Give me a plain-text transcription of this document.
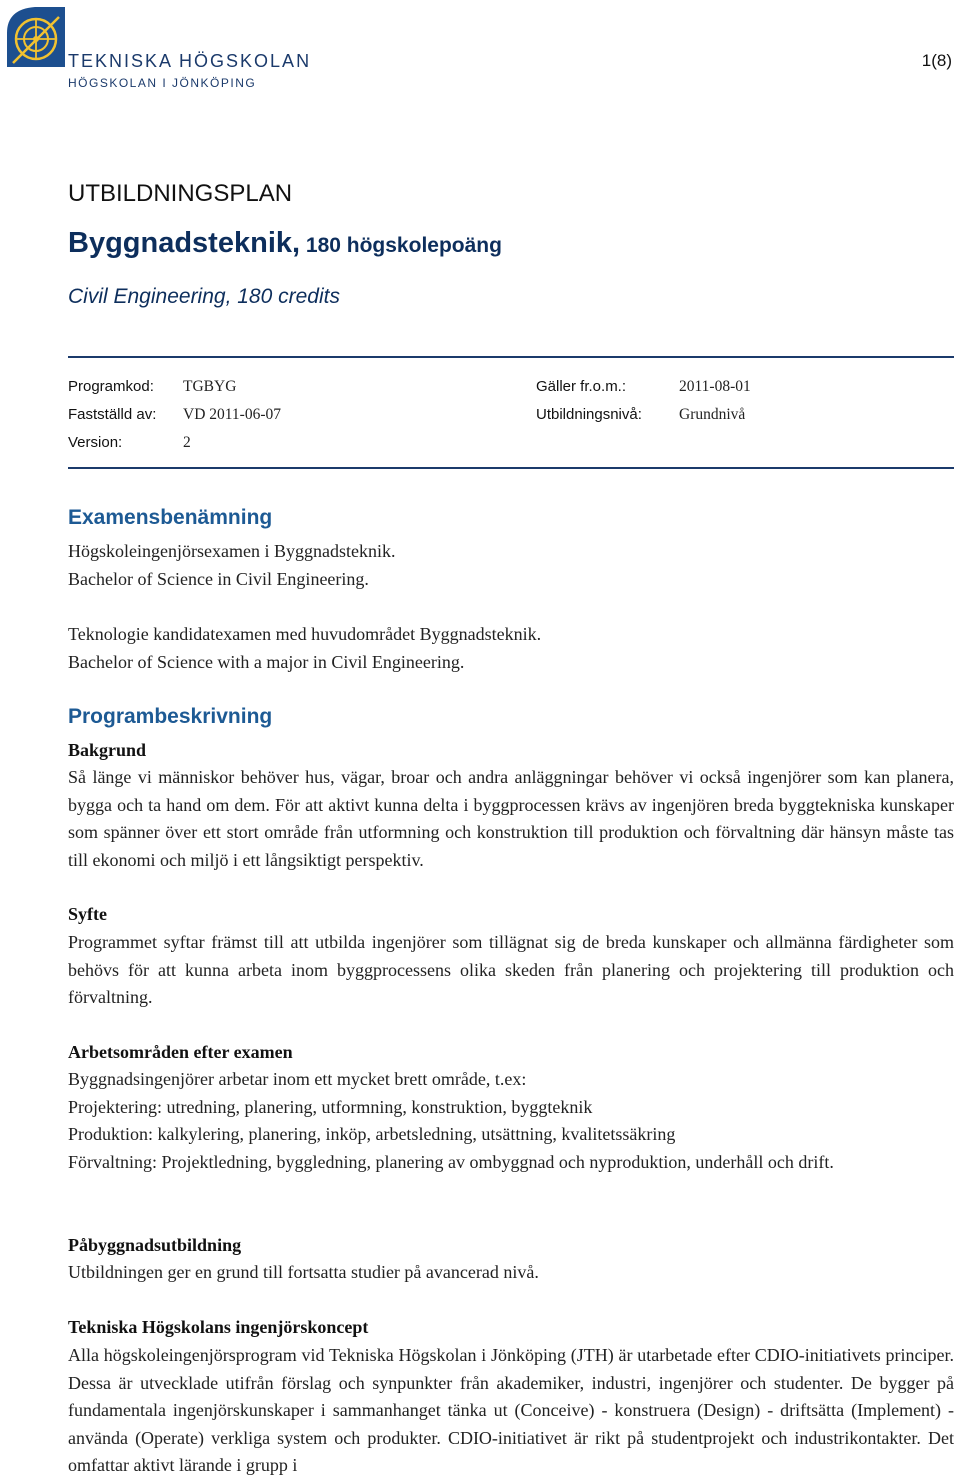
TEKNISKA HÖGSKOLAN
HÖGSKOLAN I JÖNKÖPING
1(8)
UTBILDNINGSPLAN
Byggnadsteknik, 180 högskolepoäng
Civil Engineering, 180 credits
Programkod: TGBYG
Fastställd av: VD 2011-06-07
Version:	2
Gäller fr.o.m.:	2011-08-01
Utbildningsnivå: Grundnivå
Examensbenämning
Högskoleingenjörsexamen i Byggnadsteknik.
Bachelor of Science in Civil Engineering.
Teknologie kandidatexamen med huvudområdet Byggnadsteknik.
Bachelor of Science with a major in Civil Engineering.
Programbeskrivning
Bakgrund
Så länge vi människor behöver hus, vägar, broar och andra anläggningar behöver vi också ingenjörer som kan planera, bygga och ta hand om dem. För att aktivt kunna delta i byggprocessen krävs av ingenjören breda byggtekniska kunskaper som spänner över ett stort område från utformning och konstruktion till produktion och förvaltning där hänsyn måste tas till ekonomi och miljö i ett långsiktigt perspektiv.
Syfte
Programmet syftar främst till att utbilda ingenjörer som tillägnat sig de breda kunskaper och allmänna färdigheter som behövs för att kunna arbeta inom byggprocessens olika skeden från planering och projektering till produktion och förvaltning.
Arbetsområden efter examen
Byggnadsingenjörer arbetar inom ett mycket brett område, t.ex:
Projektering: utredning, planering, utformning, konstruktion, byggteknik
Produktion: kalkylering, planering, inköp, arbetsledning, utsättning, kvalitetssäkring
Förvaltning: Projektledning, byggledning, planering av ombyggnad och nyproduktion, underhåll och drift.
Påbyggnadsutbildning
Utbildningen ger en grund till fortsatta studier på avancerad nivå.
Tekniska Högskolans ingenjörskoncept
Alla högskoleingenjörsprogram vid Tekniska Högskolan i Jönköping (JTH) är utarbetade efter CDIO-initiativets principer. Dessa är utvecklade utifrån förslag och synpunkter från akademiker, industri, ingenjörer och studenter. De bygger på fundamentala ingenjörskunskaper i sammanhanget tänka ut (Conceive) - konstruera (Design) - driftsätta (Implement) - använda (Operate) verkliga system och produkter. CDIO-initiativet är rikt på studentprojekt och industrikontakter. Det omfattar aktivt lärande i grupp i
